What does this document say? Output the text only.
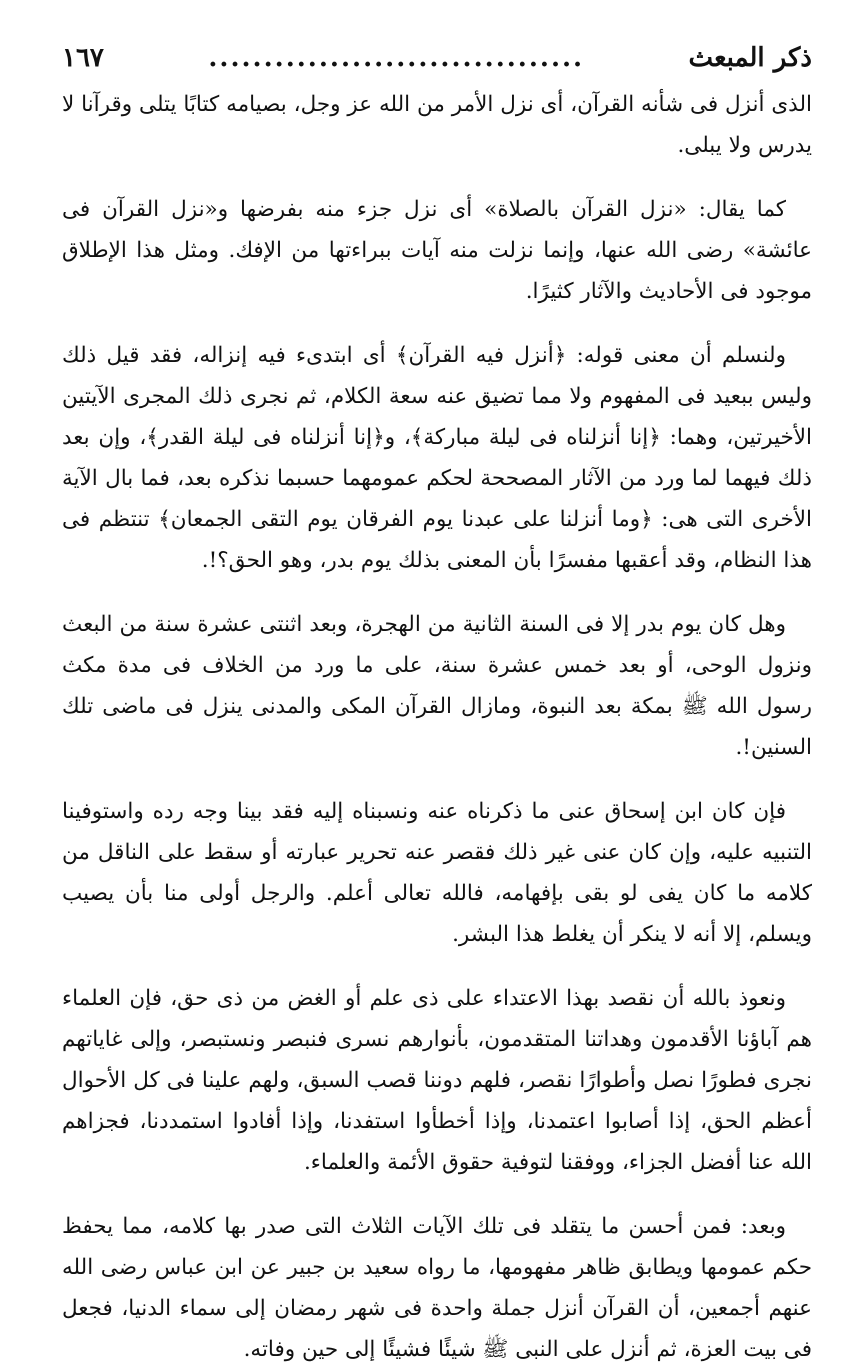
ذكر المبعث
..................................
١٦٧

الذى أنزل فى شأنه القرآن، أى نزل الأمر من الله عز وجل، بصيامه كتابًا يتلى وقرآنا لا يدرس ولا يبلى.

كما يقال: «نزل القرآن بالصلاة» أى نزل جزء منه بفرضها و«نزل القرآن فى عائشة» رضى الله عنها، وإنما نزلت منه آيات ببراءتها من الإفك. ومثل هذا الإطلاق موجود فى الأحاديث والآثار كثيرًا.

ولنسلم أن معنى قوله: ﴿أنزل فيه القرآن﴾ أى ابتدىء فيه إنزاله، فقد قيل ذلك وليس ببعيد فى المفهوم ولا مما تضيق عنه سعة الكلام، ثم نجرى ذلك المجرى الآيتين الأخيرتين، وهما: ﴿إنا أنزلناه فى ليلة مباركة﴾، و﴿إنا أنزلناه فى ليلة القدر﴾، وإن بعد ذلك فيهما لما ورد من الآثار المصححة لحكم عمومهما حسبما نذكره بعد، فما بال الآية الأخرى التى هى: ﴿وما أنزلنا على عبدنا يوم الفرقان يوم التقى الجمعان﴾ تنتظم فى هذا النظام، وقد أعقبها مفسرًا بأن المعنى بذلك يوم بدر، وهو الحق؟!.

وهل كان يوم بدر إلا فى السنة الثانية من الهجرة، وبعد اثنتى عشرة سنة من البعث ونزول الوحى، أو بعد خمس عشرة سنة، على ما ورد من الخلاف فى مدة مكث رسول الله ﷺ بمكة بعد النبوة، ومازال القرآن المكى والمدنى ينزل فى ماضى تلك السنين!.

فإن كان ابن إسحاق عنى ما ذكرناه عنه ونسبناه إليه فقد بينا وجه رده واستوفينا التنبيه عليه، وإن كان عنى غير ذلك فقصر عنه تحرير عبارته أو سقط على الناقل من كلامه ما كان يفى لو بقى بإفهامه، فالله تعالى أعلم. والرجل أولى منا بأن يصيب ويسلم، إلا أنه لا ينكر أن يغلط هذا البشر.

ونعوذ بالله أن نقصد بهذا الاعتداء على ذى علم أو الغض من ذى حق، فإن العلماء هم آباؤنا الأقدمون وهداتنا المتقدمون، بأنوارهم نسرى فنبصر ونستبصر، وإلى غاياتهم نجرى فطورًا نصل وأطوارًا نقصر، فلهم دوننا قصب السبق، ولهم علينا فى كل الأحوال أعظم الحق، إذا أصابوا اعتمدنا، وإذا أخطأوا استفدنا، وإذا أفادوا استمددنا، فجزاهم الله عنا أفضل الجزاء، ووفقنا لتوفية حقوق الأئمة والعلماء.

وبعد: فمن أحسن ما يتقلد فى تلك الآيات الثلاث التى صدر بها كلامه، مما يحفظ حكم عمومها ويطابق ظاهر مفهومها، ما رواه سعيد بن جبير عن ابن عباس رضى الله عنهم أجمعين، أن القرآن أنزل جملة واحدة فى شهر رمضان إلى سماء الدنيا، فجعل فى بيت العزة، ثم أنزل على النبى ﷺ شيئًا فشيئًا إلى حين وفاته.
